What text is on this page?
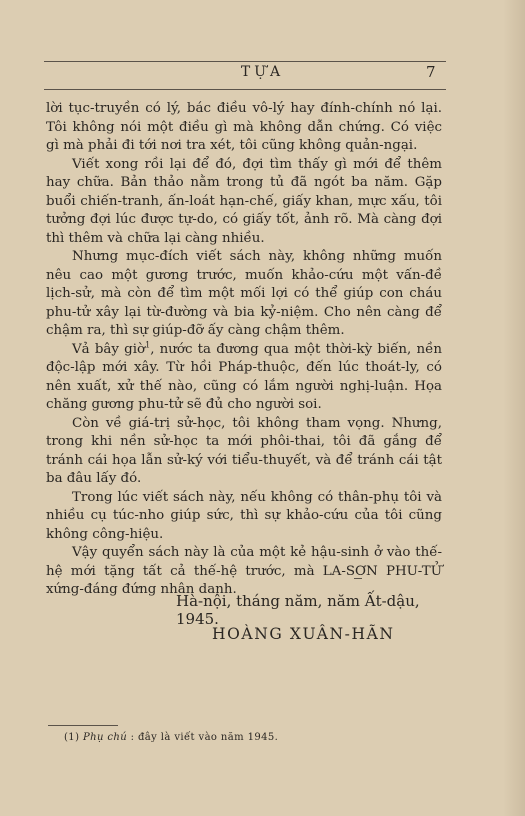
TỰA	7

lời tục-truyền có lý, bác điều vô-lý hay đính-chính nó lại. Tôi không nói một điều gì mà không dẫn chứng. Có việc gì mà phải đi tới nơi tra xét, tôi cũng không quản-ngại.

Viết xong rồi lại để đó, đợi tìm thấy gì mới để thêm hay chữa. Bản thảo nằm trong tủ đã ngót ba năm. Gặp buổi chiến-tranh, ấn-loát hạn-chế, giấy khan, mực xấu, tôi tưởng đợi lúc được tự-do, có giấy tốt, ảnh rõ. Mà càng đợi thì thêm và chữa lại càng nhiều.

Nhưng mục-đích viết sách này, không những muốn nêu cao một gương trước, muốn khảo-cứu một vấn-đề lịch-sử, mà còn để tìm một mối lợi có thể giúp con cháu phu-tử xây lại từ-đường và bia kỷ-niệm. Cho nên càng để chậm ra, thì sự giúp-đỡ ấy càng chậm thêm.

Vả bây giờ$^1$, nước ta đương qua một thời-kỳ biến, nền độc-lập mới xây. Từ hồi Pháp-thuộc, đến lúc thoát-ly, có nên xuất, xử thế nào, cũng có lắm người nghị-luận. Họa chăng gương phu-tử sẽ đủ cho người soi.

Còn về giá-trị sử-học, tôi không tham vọng. Nhưng, trong khi nền sử-học ta mới phôi-thai, tôi đã gắng để tránh cái họa lẫn sử-ký với tiểu-thuyết, và để tránh cái tật ba đâu lấy đó.

Trong lúc viết sách này, nếu không có thân-phụ tôi và nhiều cụ túc-nho giúp sức, thì sự khảo-cứu của tôi cũng không công-hiệu.

Vậy quyển sách này là của một kẻ hậu-sinh ở vào thế-hệ mới tặng tất cả thế-hệ trước, mà LA-SƠN PHU-TỬ xứng-đáng đứng nhân danh.

Hà-nội, tháng năm, năm Ất-dậu, 1945.
HOÀNG XUÂN-HÃN
(1) Phụ chú : đây là viết vào năm 1945.
